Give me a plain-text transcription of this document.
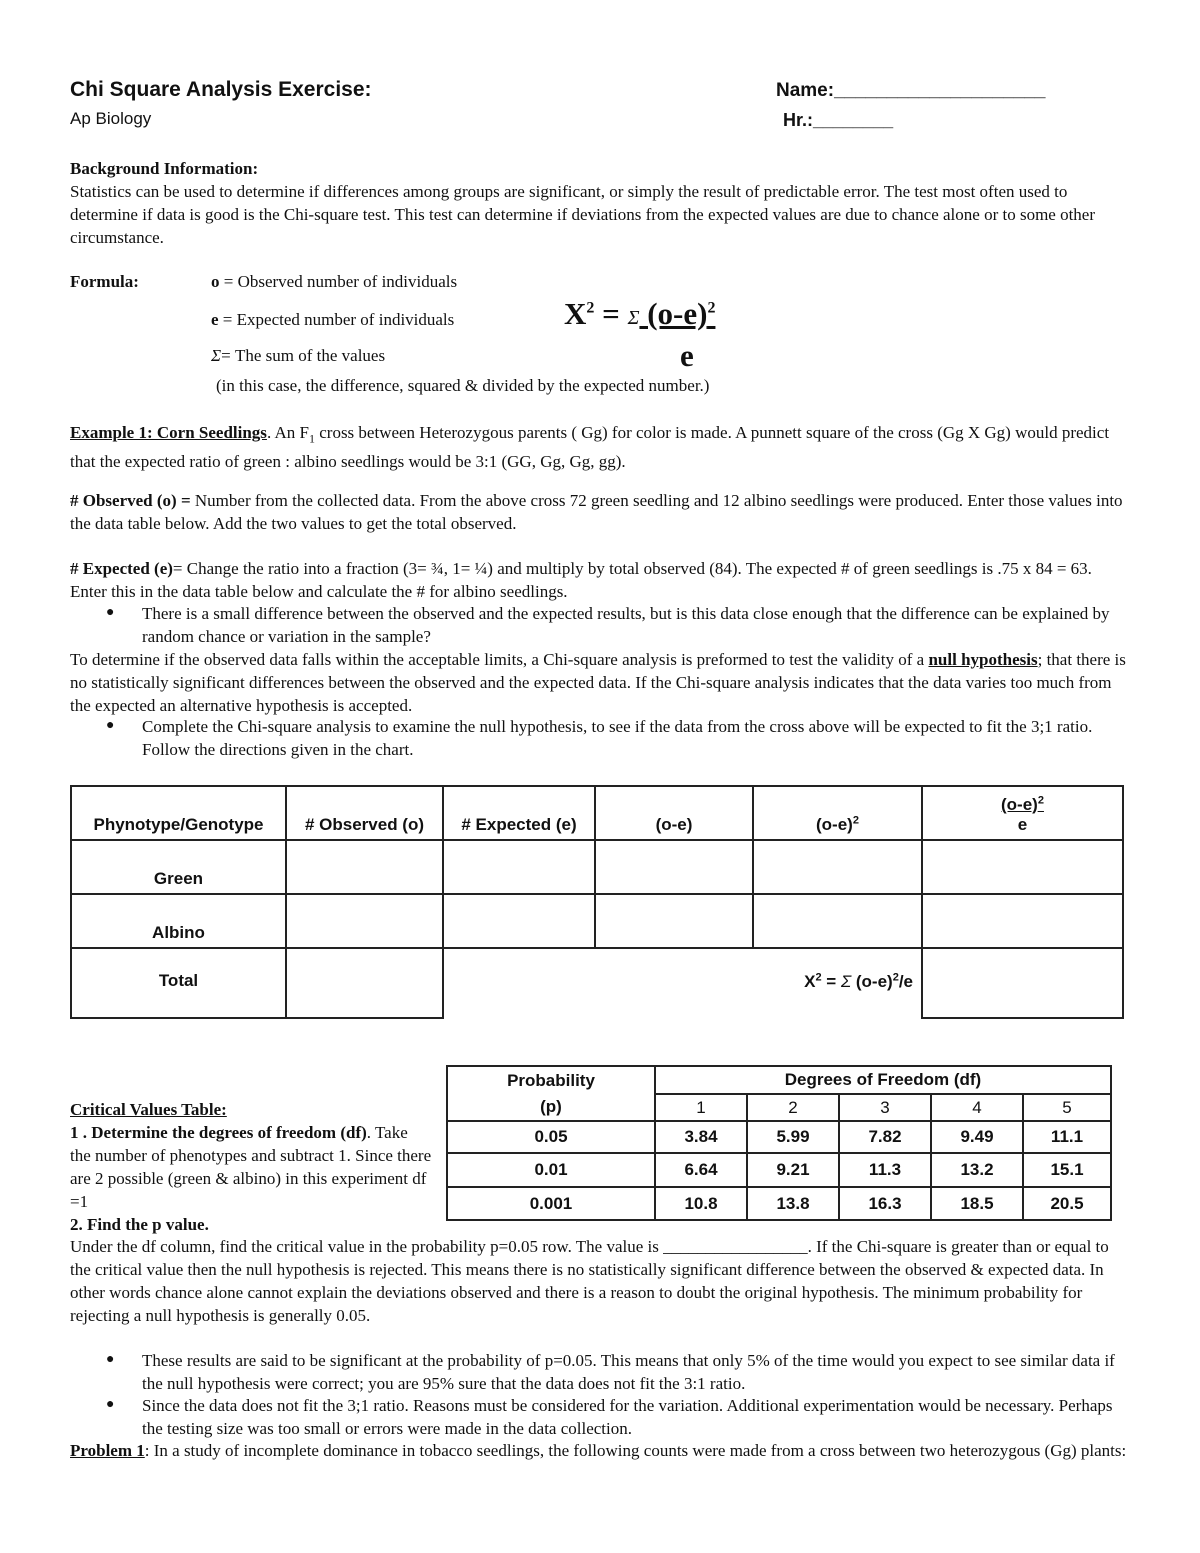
Chi Square Analysis Exercise:
Ap Biology
Name:____________________
Hr.:________
Background Information:
Statistics can be used to determine if differences among groups are significant, or simply the result of predictable error. The test most often used to determine if data is good is the Chi-square test. This test can determine if deviations from the expected values are due to chance alone or to some other circumstance.
Formula:	o = Observed number of individuals
e = Expected number of individuals
Σ= The sum of the values
(in this case, the difference, squared & divided by the expected number.)
$X^2 = \Sigma$ $(o-e)^2$
e
Example 1: Corn Seedlings. An $F_1$ cross between Heterozygous parents ( Gg) for color is made. A punnett square of the cross (Gg X Gg) would predict that the expected ratio of green : albino seedlings would be 3:1 (GG, Gg, Gg, gg).
# Observed (o) = Number from the collected data. From the above cross 72 green seedling and 12 albino seedlings were produced. Enter those values into the data table below. Add the two values to get the total observed.
# Expected (e)= Change the ratio into a fraction (3= ¾, 1= ¼) and multiply by total observed (84). The expected # of green seedlings is .75 x 84 = 63. Enter this in the data table below and calculate the # for albino seedlings.
● There is a small difference between the observed and the expected results, but is this data close enough that the difference can be explained by random chance or variation in the sample?
To determine if the observed data falls within the acceptable limits, a Chi-square analysis is preformed to test the validity of a null hypothesis; that there is no statistically significant differences between the observed and the expected data. If the Chi-square analysis indicates that the data varies too much from the expected an alternative hypothesis is accepted.
● Complete the Chi-square analysis to examine the null hypothesis, to see if the data from the cross above will be expected to fit the 3;1 ratio. Follow the directions given in the chart.
Phynotype/Genotype	# Observed (o)	# Expected (e)	(o-e)	$(o-e)^2$	$(o-e)^2$
e
Green					
Albino					
Total		$X^2 = \Sigma$ $(o-e)^2/e$			
Probability	Degrees of Freedom (df)				
(p)	1	2	3	4	5
0.05	3.84	5.99	7.82	9.49	11.1
0.01	6.64	9.21	11.3	13.2	15.1
0.001	10.8	13.8	16.3	18.5	20.5
Critical Values Table:
1 . Determine the degrees of freedom (df). Take the number of phenotypes and subtract 1. Since there are 2 possible (green & albino) in this experiment df =1
2. Find the p value.
Under the df column, find the critical value in the probability p=0.05 row. The value is _________________. If the Chi-square is greater than or equal to the critical value then the null hypothesis is rejected. This means there is no statistically significant difference between the observed & expected data. In other words chance alone cannot explain the deviations observed and there is a reason to doubt the original hypothesis. The minimum probability for rejecting a null hypothesis is generally 0.05.
● These results are said to be significant at the probability of p=0.05. This means that only 5% of the time would you expect to see similar data if the null hypothesis were correct; you are 95% sure that the data does not fit the 3:1 ratio.
● Since the data does not fit the 3;1 ratio. Reasons must be considered for the variation. Additional experimentation would be necessary. Perhaps the testing size was too small or errors were made in the data collection.
Problem 1: In a study of incomplete dominance in tobacco seedlings, the following counts were made from a cross between two heterozygous (Gg) plants:
